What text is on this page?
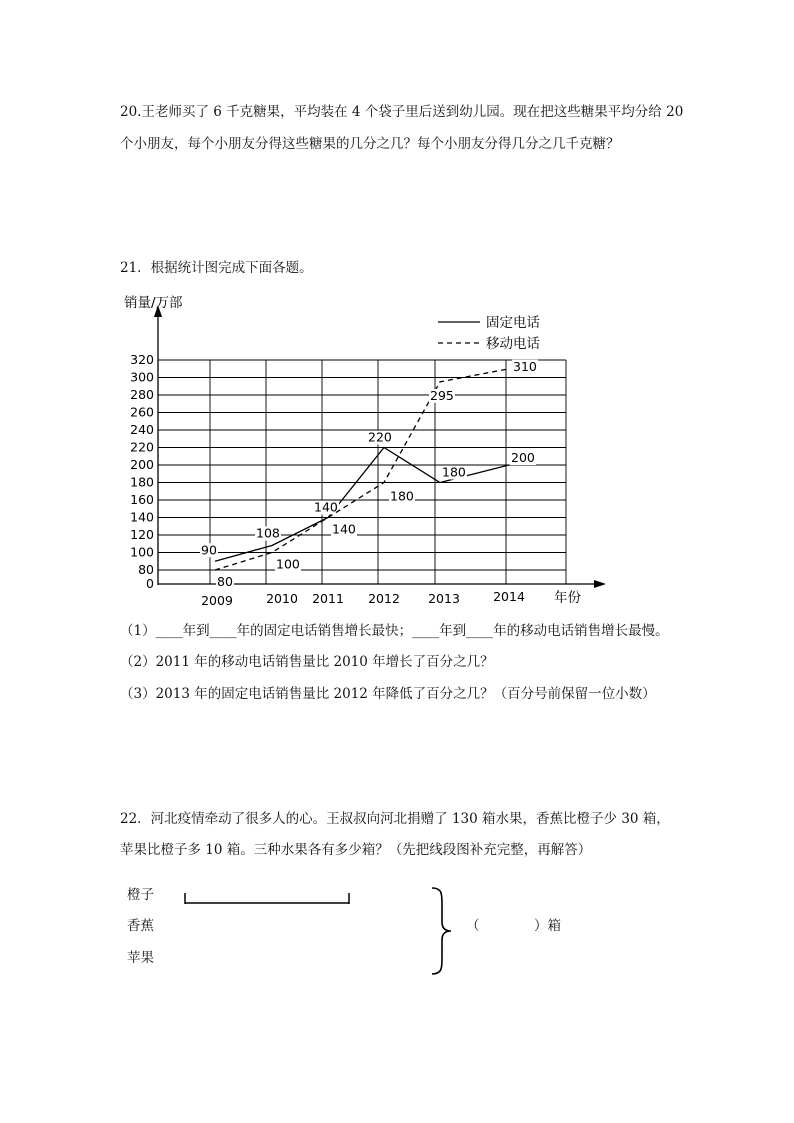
20.王老师买了 6 千克糖果，平均装在 4 个袋子里后送到幼儿园。现在把这些糖果平均分给 20
个小朋友，每个小朋友分得这些糖果的几分之几？每个小朋友分得几分之几千克糖？
21．根据统计图完成下面各题。
销量/万部
年份
0
80
100
120
140
160
180
200
220
240
260
280
300
320
2009	2010 2011 2012 2013	2014
90
108
140
220
180
200
80
100
140
180
295
310
固定电话
移动电话
（1）____年到____年的固定电话销售增长最快；____年到____年的移动电话销售增长最慢。
（2）2011 年的移动电话销售量比 2010 年增长了百分之几？
（3）2013 年的固定电话销售量比 2012 年降低了百分之几？（百分号前保留一位小数）
22．河北疫情牵动了很多人的心。王叔叔向河北捐赠了 130 箱水果，香蕉比橙子少 30 箱，
苹果比橙子多 10 箱。三种水果各有多少箱？（先把线段图补充完整，再解答）
橙子
香蕉
苹果
（	）箱
